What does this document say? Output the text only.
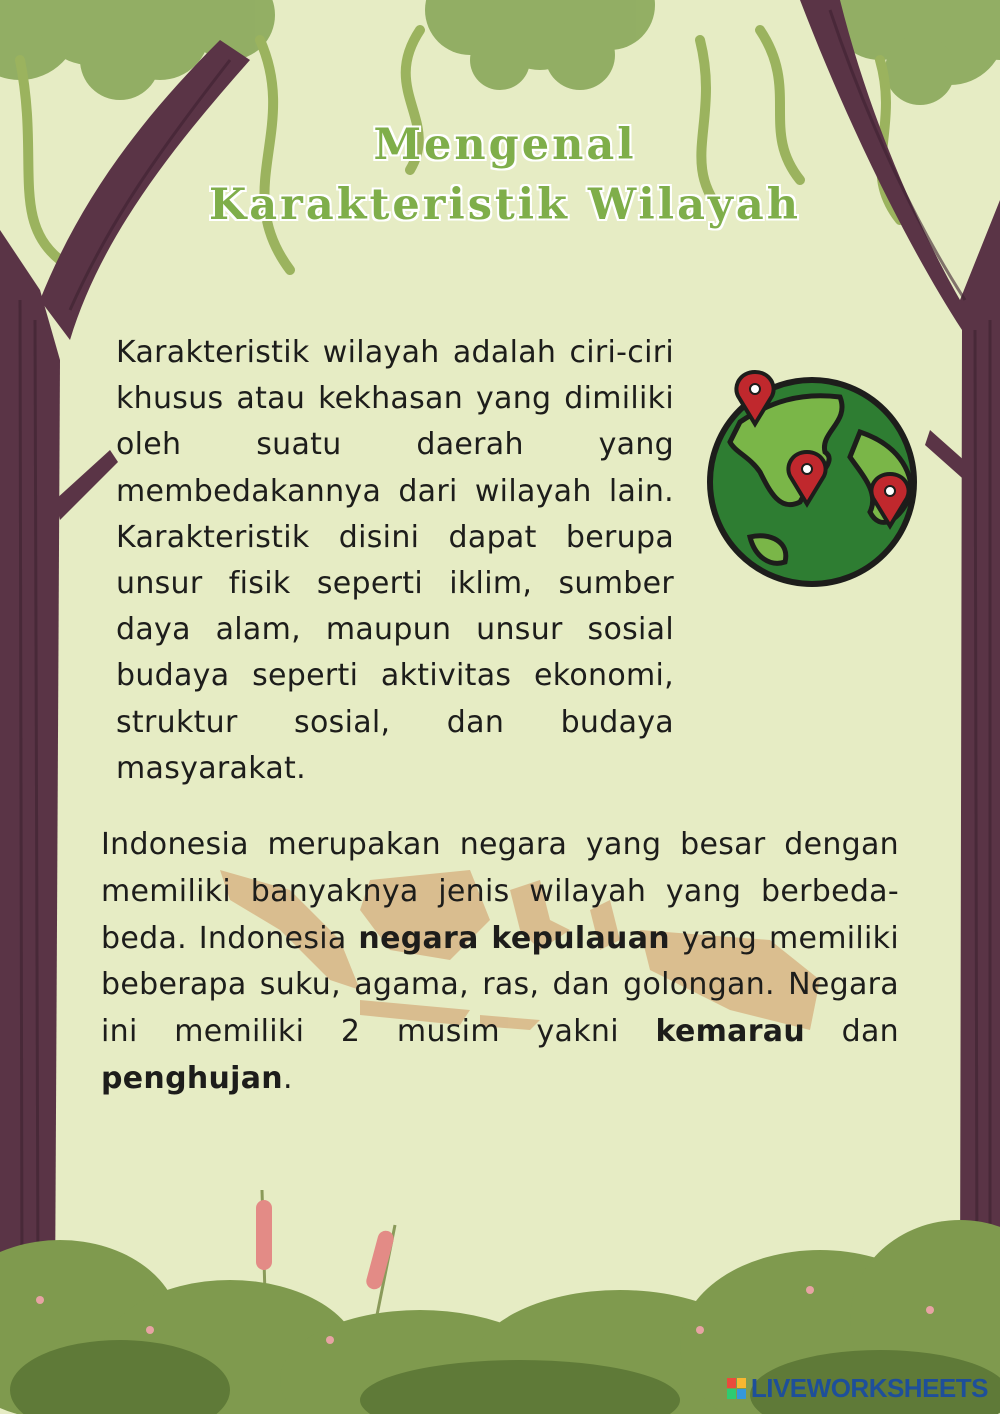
Mengenal
Karakteristik Wilayah
Karakteristik wilayah adalah ciri-ciri khusus atau kekhasan yang dimiliki oleh suatu daerah yang membedakannya dari wilayah lain. Karakteristik disini dapat berupa unsur fisik seperti iklim, sumber daya alam, maupun unsur sosial budaya seperti aktivitas ekonomi, struktur sosial, dan budaya masyarakat.
Indonesia merupakan negara yang besar dengan memiliki banyaknya jenis wilayah yang berbeda-beda. Indonesia negara kepulauan yang memiliki beberapa suku, agama, ras, dan golongan. Negara ini memiliki 2 musim yakni kemarau dan penghujan.
LIVEWORKSHEETS
